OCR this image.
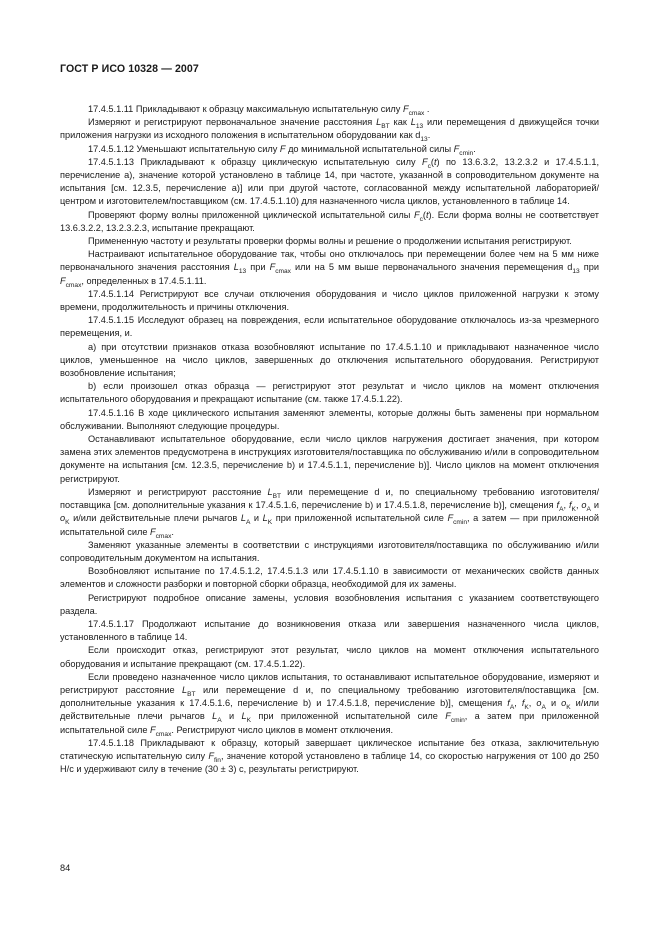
ГОСТ Р ИСО 10328 — 2007

17.4.5.1.11 Прикладывают к образцу максимальную испытательную силу $F_{cmax}$ .

Измеряют и регистрируют первоначальное значение расстояния $L_{BT}$ как $L_{13}$ или перемещения d движущейся точки приложения нагрузки из исходного положения в испытательном оборудовании как $d_{13}$.

17.4.5.1.12 Уменьшают испытательную силу F до минимальной испытательной силы $F_{cmin}$.

17.4.5.1.13 Прикладывают к образцу циклическую испытательную силу $F_c(t)$ по 13.6.3.2, 13.2.3.2 и 17.4.5.1.1, перечисление а), значение которой установлено в таблице 14, при частоте, указанной в сопроводительном документе на испытания [см. 12.3.5, перечисление а)] или при другой частоте, согласованной между испытательной лабораторией/центром и изготовителем/поставщиком (см. 17.4.5.1.10) для назначенного числа циклов, установленного в таблице 14.

Проверяют форму волны приложенной циклической испытательной силы $F_c(t)$. Если форма волны не соответствует 13.6.3.2.2, 13.2.3.2.3, испытание прекращают.

Примененную частоту и результаты проверки формы волны и решение о продолжении испытания регистрируют.

Настраивают испытательное оборудование так, чтобы оно отключалось при перемещении более чем на 5 мм ниже первоначального значения расстояния $L_{13}$ при $F_{cmax}$ или на 5 мм выше первоначального значения перемещения $d_{13}$ при $F_{cmax}$, определенных в 17.4.5.1.11.

17.4.5.1.14 Регистрируют все случаи отключения оборудования и число циклов приложенной нагрузки к этому времени, продолжительность и причины отключения.

17.4.5.1.15 Исследуют образец на повреждения, если испытательное оборудование отключалось из-за чрезмерного перемещения, и.

а) при отсутствии признаков отказа возобновляют испытание по 17.4.5.1.10 и прикладывают назначенное число циклов, уменьшенное на число циклов, завершенных до отключения испытательного оборудования. Регистрируют возобновление испытания;

b) если произошел отказ образца — регистрируют этот результат и число циклов на момент отключения испытательного оборудования и прекращают испытание (см. также 17.4.5.1.22).

17.4.5.1.16 В ходе циклического испытания заменяют элементы, которые должны быть заменены при нормальном обслуживании. Выполняют следующие процедуры.

Останавливают испытательное оборудование, если число циклов нагружения достигает значения, при котором замена этих элементов предусмотрена в инструкциях изготовителя/поставщика по обслуживанию и/или в сопроводительном документе на испытания [см. 12.3.5, перечисление b) и 17.4.5.1.1, перечисление b)]. Число циклов на момент отключения регистрируют.

Измеряют и регистрируют расстояние $L_{BT}$ или перемещение d и, по специальному требованию изготовителя/поставщика [см. дополнительные указания к 17.4.5.1.6, перечисление b) и 17.4.5.1.8, перечисление b)], смещения $f_A$, $f_K$, $o_A$ и $o_K$ и/или действительные плечи рычагов $L_A$ и $L_K$ при приложенной испытательной силе $F_{cmin}$, а затем — при приложенной испытательной силе $F_{cmax}$.

Заменяют указанные элементы в соответствии с инструкциями изготовителя/поставщика по обслуживанию и/или сопроводительным документом на испытания.

Возобновляют испытание по 17.4.5.1.2, 17.4.5.1.3 или 17.4.5.1.10 в зависимости от механических свойств данных элементов и сложности разборки и повторной сборки образца, необходимой для их замены.

Регистрируют подробное описание замены, условия возобновления испытания с указанием соответствующего раздела.

17.4.5.1.17 Продолжают испытание до возникновения отказа или завершения назначенного числа циклов, установленного в таблице 14.

Если происходит отказ, регистрируют этот результат, число циклов на момент отключения испытательного оборудования и испытание прекращают (см. 17.4.5.1.22).

Если проведено назначенное число циклов испытания, то останавливают испытательное оборудование, измеряют и регистрируют расстояние $L_{BT}$ или перемещение d и, по специальному требованию изготовителя/поставщика [см. дополнительные указания к 17.4.5.1.6, перечисление b) и 17.4.5.1.8, перечисление b)], смещения $f_A$, $f_K$, $o_A$ и $o_K$ и/или действительные плечи рычагов $L_A$ и $L_K$ при приложенной испытательной силе $F_{cmin}$, а затем при приложенной испытательной силе $F_{cmax}$. Регистрируют число циклов в момент отключения.

17.4.5.1.18 Прикладывают к образцу, который завершает циклическое испытание без отказа, заключительную статическую испытательную силу $F_{fin}$, значение которой установлено в таблице 14, со скоростью нагружения от 100 до 250 Н/с и удерживают силу в течение (30 ± 3) с, результаты регистрируют.

84
